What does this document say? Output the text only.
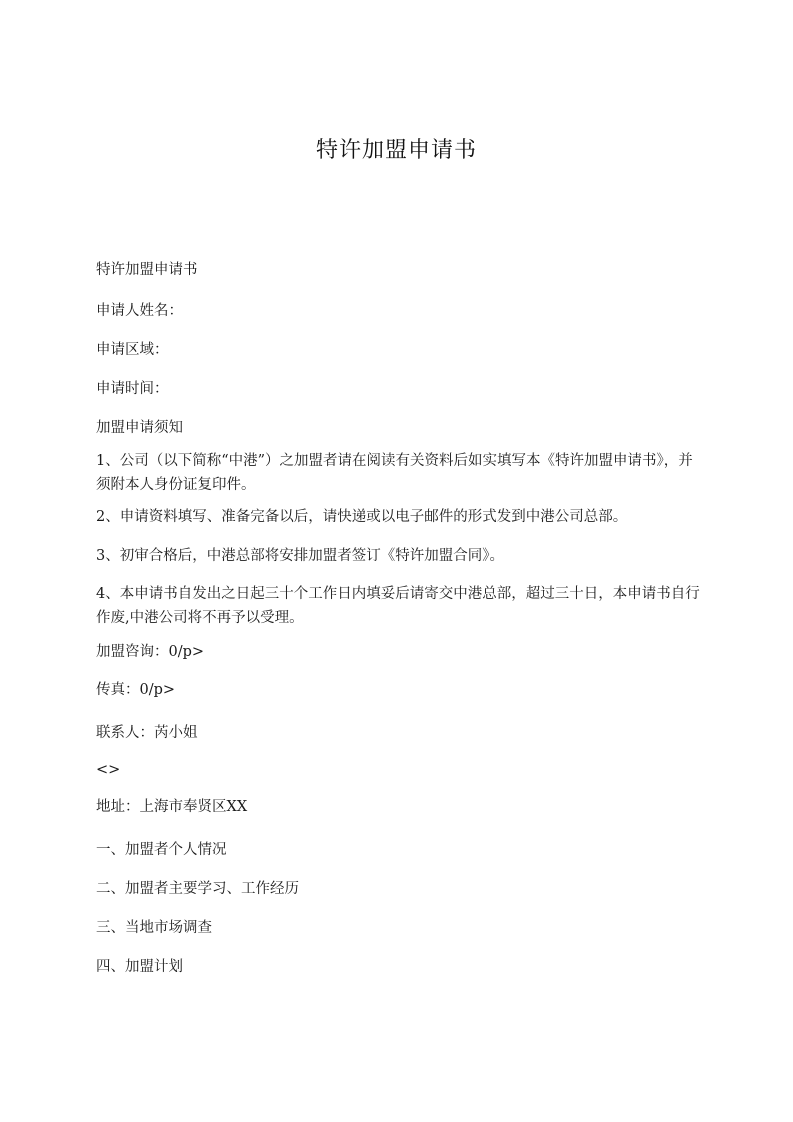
特许加盟申请书

特许加盟申请书

申请人姓名：

申请区域：

申请时间：

加盟申请须知

1、公司（以下简称“中港”）之加盟者请在阅读有关资料后如实填写本《特许加盟申请书》，并须附本人身份证复印件。

2、申请资料填写、准备完备以后，请快递或以电子邮件的形式发到中港公司总部。

3、初审合格后，中港总部将安排加盟者签订《特许加盟合同》。

4、本申请书自发出之日起三十个工作日内填妥后请寄交中港总部，超过三十日，本申请书自行作废,中港公司将不再予以受理。

加盟咨询：0/p>

传真：0/p>

联系人：芮小姐

<>

地址：上海市奉贤区XX

一、加盟者个人情况

二、加盟者主要学习、工作经历

三、当地市场调查

四、加盟计划
